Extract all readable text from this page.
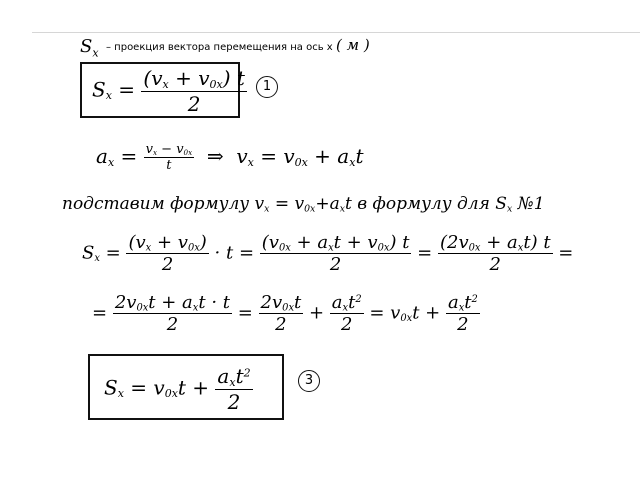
$S_x$ – проекция вектора перемещения на ось x ( м )
$S_x = \frac{(v_x + v_{0x}) t}{2}$	1
$a_x = \frac{v_x - v_{0x}}{t}$ ⇒  $v_x = v_{0x} + a_xt$
подставим формулу $v_x = v_{0x}+a_xt$ в формулу для $S_x$ №1
$S_x = \frac{(v_x + v_{0x})}{2} \cdot t = \frac{(v_{0x} + a_xt + v_{0x}) t}{2} = \frac{(2v_{0x} + a_xt) t}{2}$ =
= $\frac{2v_{0x}t + a_xt \cdot t}{2} = \frac{2v_{0x}t}{2} + \frac{a_xt^2}{2} = v_{0x}t + \frac{a_xt^2}{2}$
$S_x = v_{0x}t + \frac{a_xt^2}{2}$	3
